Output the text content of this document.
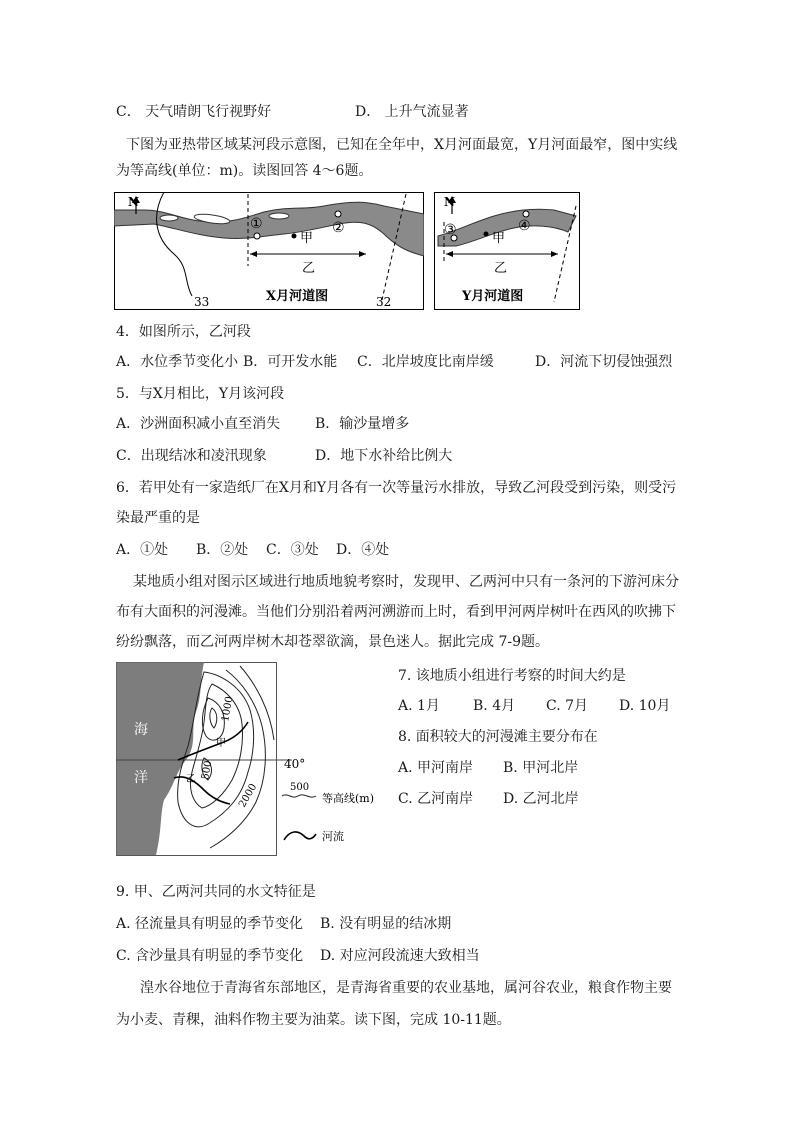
C． 天气晴朗飞行视野好	D． 上升气流显著
下图为亚热带区域某河段示意图，已知在全年中，X月河面最宽，Y月河面最窄，图中实线
为等高线(单位：m)。读图回答 4～6题。
N
①	②
甲
乙
33	32
X月河道图
N
③	④
甲
乙
Y月河道图
4．如图所示，乙河段
A．水位季节变化小 B．可开发水能 C．北岸坡度比南岸缓	D．河流下切侵蚀强烈
5．与X月相比，Y月该河段
A．沙洲面积减小直至消失 B．输沙量增多
C．出现结冰和凌汛现象	D．地下水补给比例大
6．若甲处有一家造纸厂在X月和Y月各有一次等量污水排放，导致乙河段受到污染，则受污
染最严重的是
A．①处 B．②处 C．③处 D．④处
某地质小组对图示区域进行地质地貌考察时，发现甲、乙两河中只有一条河的下游河床分
布有大面积的河漫滩。当他们分别沿着两河溯游而上时，看到甲河两岸树叶在西风的吹拂下
纷纷飘落，而乙河两岸树木却苍翠欲滴，景色迷人。据此完成 7-9题。
海
洋
40°
1000
500
2000
甲
乙
500
等高线(m)
河流
7. 该地质小组进行考察的时间大约是
A. 1月 B. 4月 C. 7月 D. 10月
8. 面积较大的河漫滩主要分布在
A. 甲河南岸 B. 甲河北岸
C. 乙河南岸 D. 乙河北岸
9. 甲、乙两河共同的水文特征是
A. 径流量具有明显的季节变化 B. 没有明显的结冰期
C. 含沙量具有明显的季节变化 D. 对应河段流速大致相当
湟水谷地位于青海省东部地区，是青海省重要的农业基地，属河谷农业，粮食作物主要
为小麦、青稞，油料作物主要为油菜。读下图，完成 10-11题。
